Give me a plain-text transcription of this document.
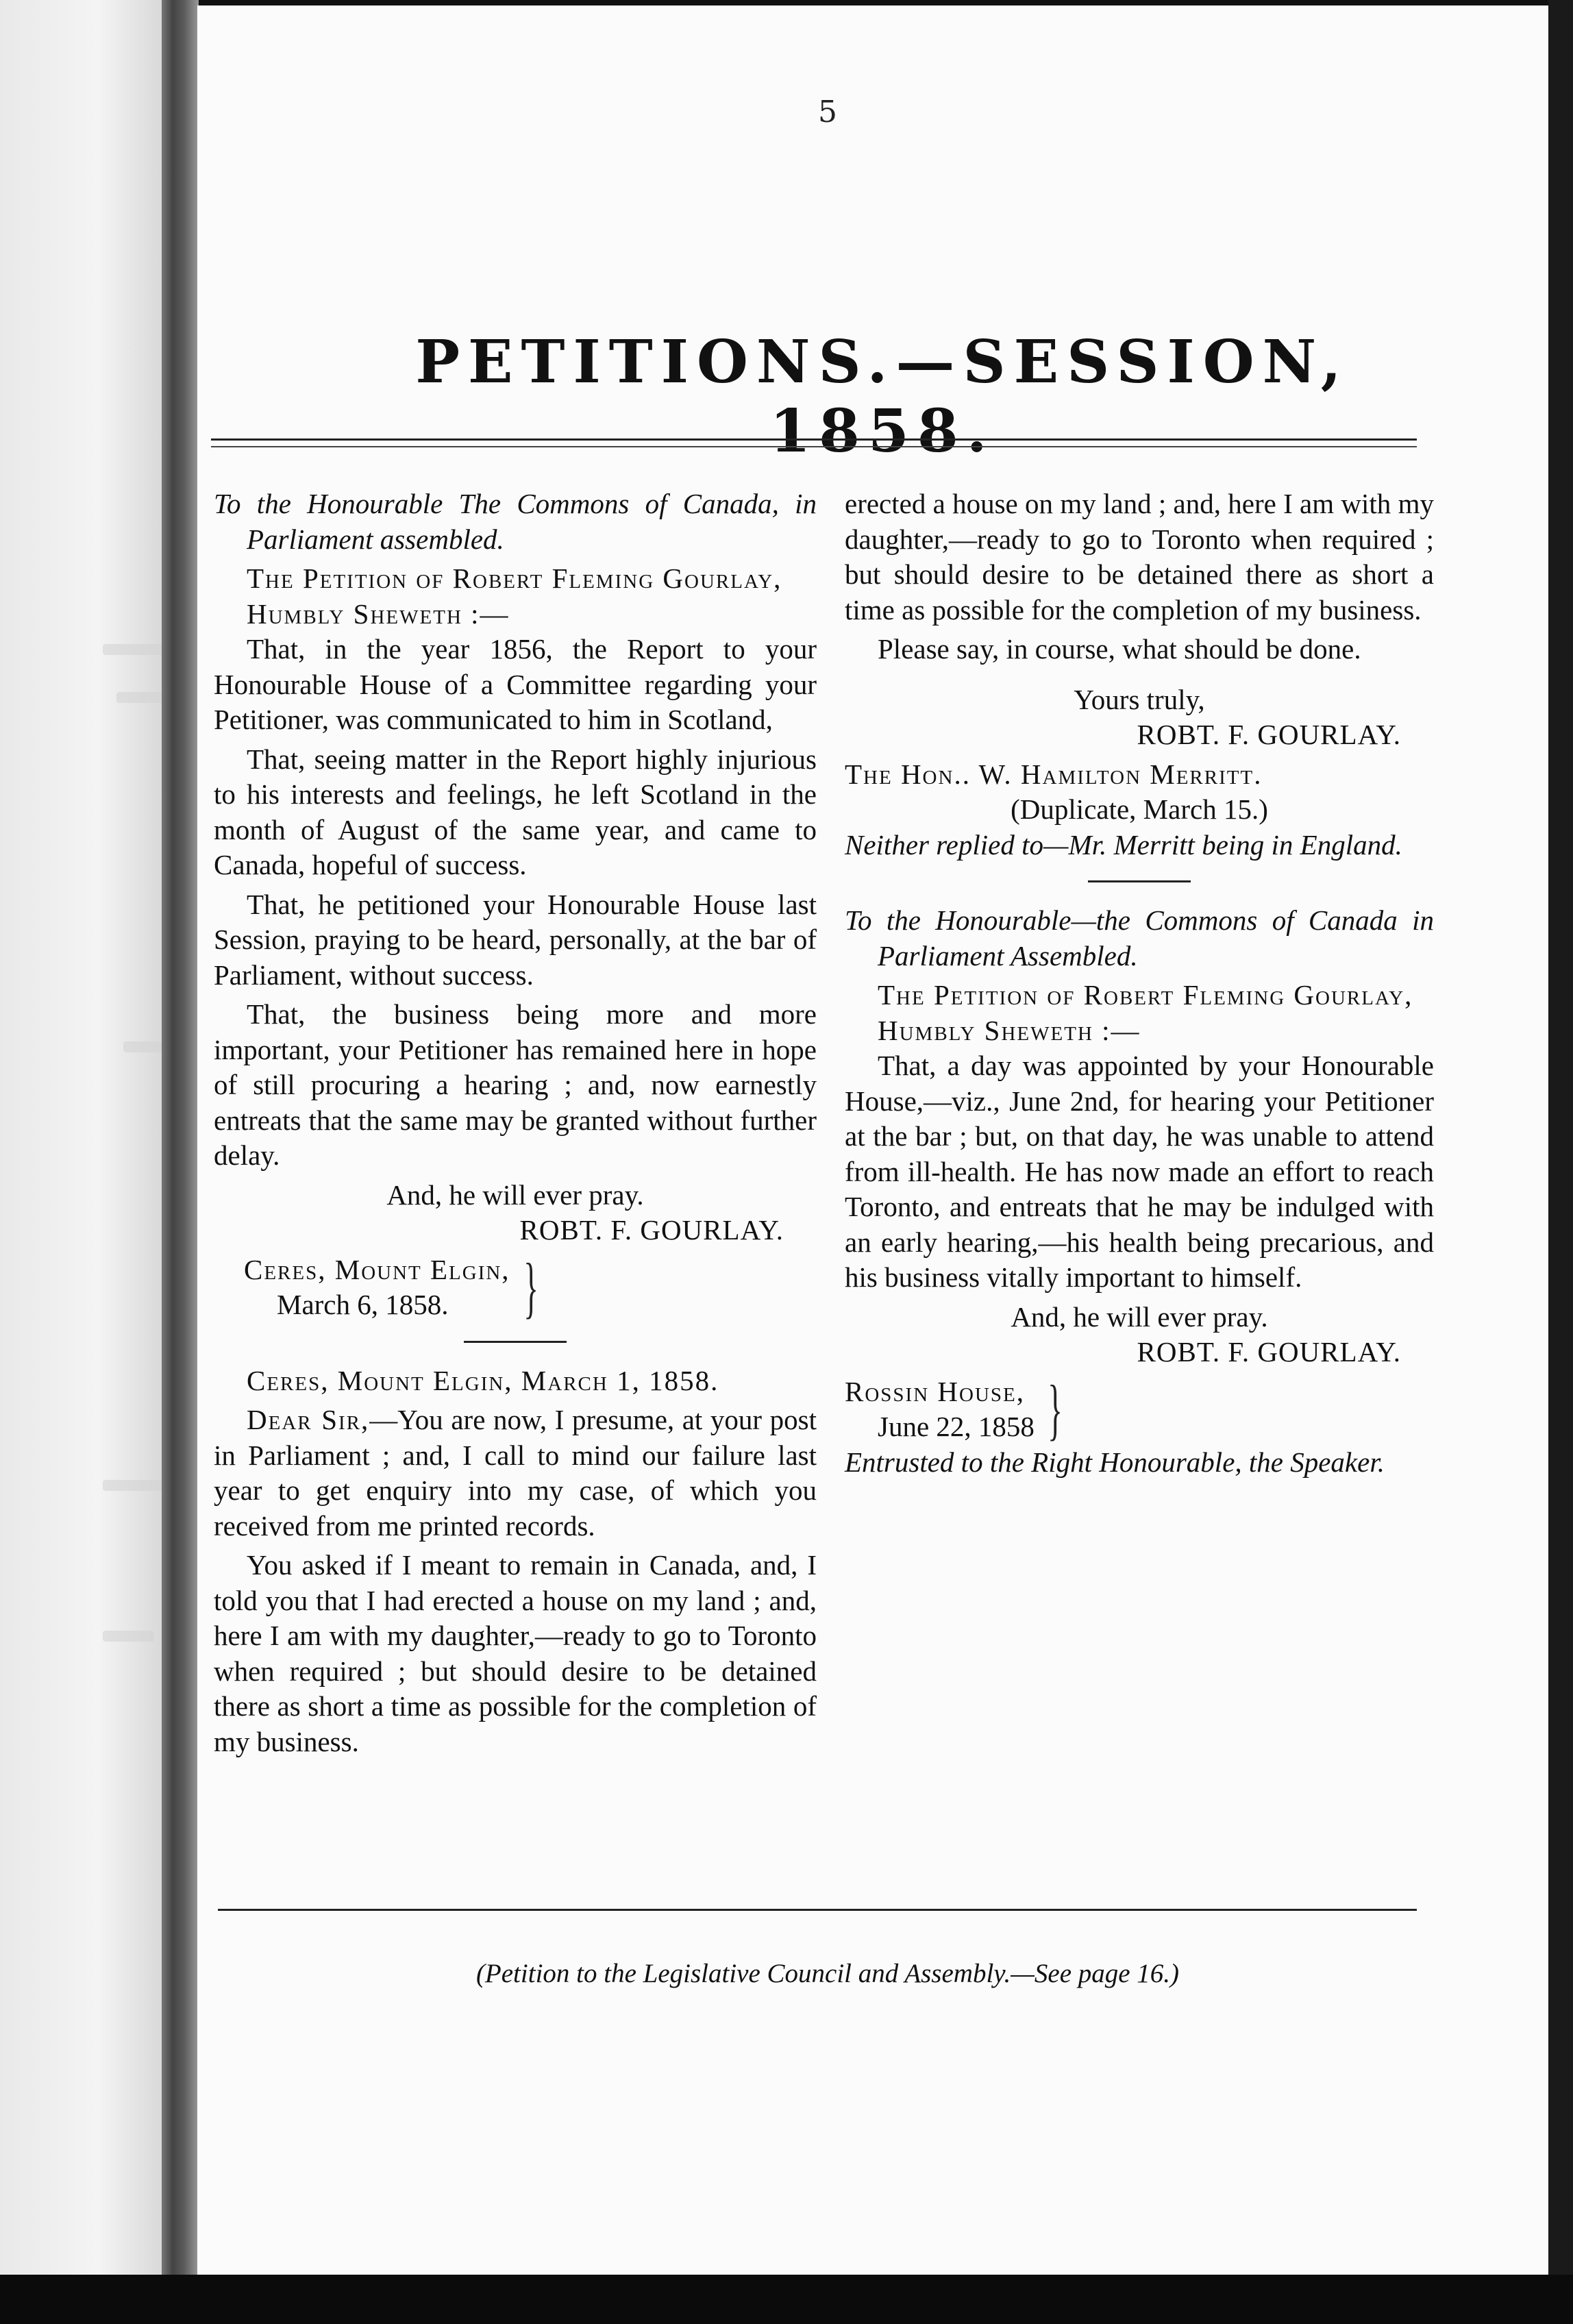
5
PETITIONS.—SESSION, 1858.

To the Honourable The Commons of Canada, in Parliament assembled.

The Petition of Robert Fleming Gourlay,

Humbly Sheweth :—

That, in the year 1856, the Report to your Honourable House of a Committee regarding your Petitioner, was communicated to him in Scotland,

That, seeing matter in the Report highly injurious to his interests and feelings, he left Scotland in the month of August of the same year, and came to Canada, hopeful of success.

That, he petitioned your Honourable House last Session, praying to be heard, personally, at the bar of Parliament, without success.

That, the business being more and more important, your Petitioner has remained here in hope of still procuring a hearing ; and, now earnestly entreats that the same may be granted without further delay.

And, he will ever pray.

ROBT. F. GOURLAY.

Ceres, Mount Elgin,
March 6, 1858.	}

Ceres, Mount Elgin, March 1, 1858.

Dear Sir,—You are now, I presume, at your post in Parliament ; and, I call to mind our failure last year to get enquiry into my case, of which you received from me printed records.

You asked if I meant to remain in Canada, and, I told you that I had erected a house on my land ; and, here I am with my daughter,—ready to go to Toronto when required ; but should desire to be detained there as short a time as possible for the completion of my business.

erected a house on my land ; and, here I am with my daughter,—ready to go to Toronto when required ; but should desire to be detained there as short a time as possible for the completion of my business.

Please say, in course, what should be done.

Yours truly,

ROBT. F. GOURLAY.

The Hon.. W. Hamilton Merritt.

(Duplicate, March 15.)

Neither replied to—Mr. Merritt being in England.

To the Honourable—the Commons of Canada in Parliament Assembled.

The Petition of Robert Fleming Gourlay,

Humbly Sheweth :—

That, a day was appointed by your Honourable House,—viz., June 2nd, for hearing your Petitioner at the bar ; but, on that day, he was unable to attend from ill-health. He has now made an effort to reach Toronto, and entreats that he may be indulged with an early hearing,—his health being precarious, and his business vitally important to himself.

And, he will ever pray.

ROBT. F. GOURLAY.

Rossin House,
June 22, 1858 }

Entrusted to the Right Honourable, the Speaker.

(Petition to the Legislative Council and Assembly.—See page 16.)
